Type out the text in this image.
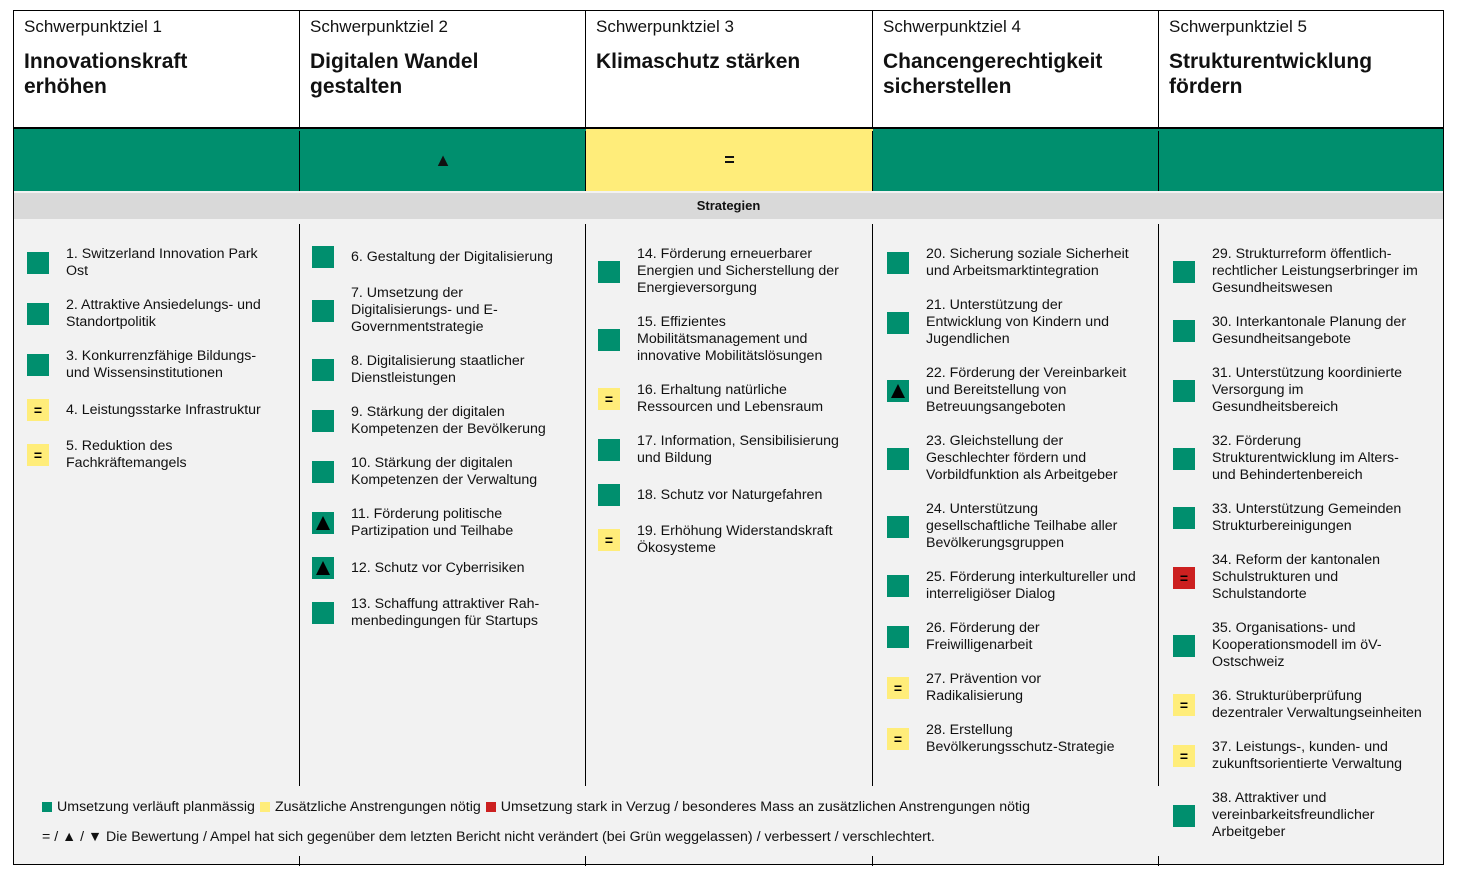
Schwerpunktziel 1
Innovationskraft
erhöhen
Schwerpunktziel 2
Digitalen Wandel
gestalten
Schwerpunktziel 3
Klimaschutz stärken
Schwerpunktziel 4
Chancengerechtigkeit
sicherstellen
Schwerpunktziel 5
Strukturentwicklung
fördern
▲	=
Strategien
1. Switzerland Innovation Park
Ost
2. Attraktive Ansiedelungs- und
Standortpolitik
3. Konkurrenzfähige Bildungs-
und Wissensinstitutionen
= 4. Leistungsstarke Infrastruktur
=
5. Reduktion des
Fachkräftemangels
6. Gestaltung der Digitalisierung
7. Umsetzung der
Digitalisierungs- und E-
Governmentstrategie
8. Digitalisierung staatlicher
Dienstleistungen
9. Stärkung der digitalen
Kompetenzen der Bevölkerung
10. Stärkung der digitalen
Kompetenzen der Verwaltung
11. Förderung politische
Partizipation und Teilhabe
12. Schutz vor Cyberrisiken
13. Schaffung attraktiver Rah-
menbedingungen für Startups
14. Förderung erneuerbarer
Energien und Sicherstellung der
Energieversorgung
15. Effizientes
Mobilitätsmanagement und
innovative Mobilitätslösungen
=
16. Erhaltung natürliche
Ressourcen und Lebensraum
17. Information, Sensibilisierung
und Bildung
18. Schutz vor Naturgefahren
=
19. Erhöhung Widerstandskraft
Ökosysteme
20. Sicherung soziale Sicherheit
und Arbeitsmarktintegration
21. Unterstützung der
Entwicklung von Kindern und
Jugendlichen
22. Förderung der Vereinbarkeit
und Bereitstellung von
Betreuungsangeboten
23. Gleichstellung der
Geschlechter fördern und
Vorbildfunktion als Arbeitgeber
24. Unterstützung
gesellschaftliche Teilhabe aller
Bevölkerungsgruppen
25. Förderung interkultureller und
interreligiöser Dialog
26. Förderung der
Freiwilligenarbeit
=
27. Prävention vor
Radikalisierung
=
28. Erstellung
Bevölkerungsschutz-Strategie
29. Strukturreform öffentlich-
rechtlicher Leistungserbringer im
Gesundheitswesen
30. Interkantonale Planung der
Gesundheitsangebote
31. Unterstützung koordinierte
Versorgung im
Gesundheitsbereich
32. Förderung
Strukturentwicklung im Alters-
und Behindertenbereich
33. Unterstützung Gemeinden
Strukturbereinigungen
=
34. Reform der kantonalen
Schulstrukturen und
Schulstandorte
35. Organisations- und
Kooperationsmodell im öV-
Ostschweiz
=
36. Strukturüberprüfung
dezentraler Verwaltungseinheiten
=
37. Leistungs-, kunden- und
zukunftsorientierte Verwaltung
38. Attraktiver und
vereinbarkeitsfreundlicher
Arbeitgeber
Umsetzung verläuft planmässig Zusätzliche Anstrengungen nötig Umsetzung stark in Verzug / besonderes Mass an zusätzlichen Anstrengungen nötig
= / ▲ / ▼ Die Bewertung / Ampel hat sich gegenüber dem letzten Bericht nicht verändert (bei Grün weggelassen) / verbessert / verschlechtert.
